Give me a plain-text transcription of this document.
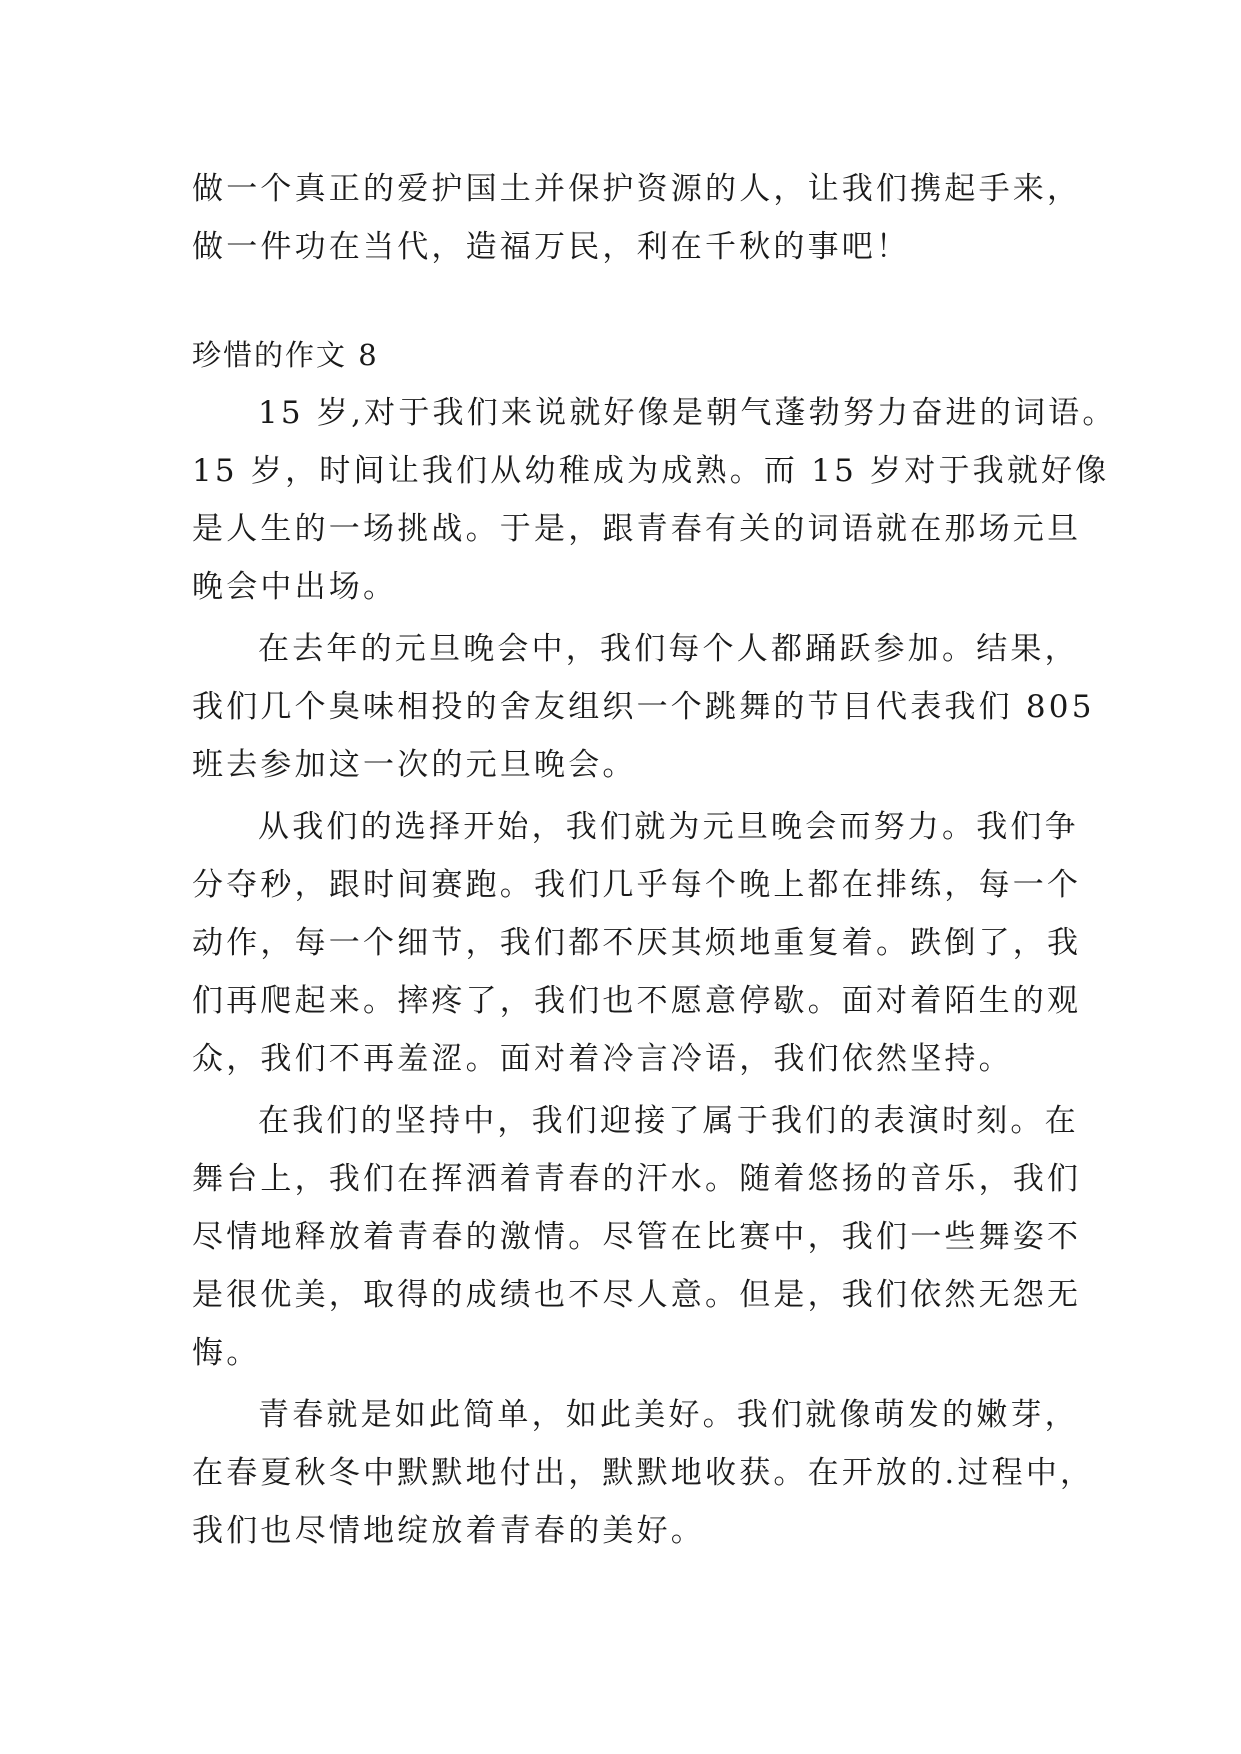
做一个真正的爱护国土并保护资源的人，让我们携起手来，
做一件功在当代，造福万民，利在千秋的事吧！
珍惜的作文 8
15 岁,对于我们来说就好像是朝气蓬勃努力奋进的词语。
15 岁，时间让我们从幼稚成为成熟。而 15 岁对于我就好像
是人生的一场挑战。于是，跟青春有关的词语就在那场元旦
晚会中出场。
在去年的元旦晚会中，我们每个人都踊跃参加。结果，
我们几个臭味相投的舍友组织一个跳舞的节目代表我们 805
班去参加这一次的元旦晚会。
从我们的选择开始，我们就为元旦晚会而努力。我们争
分夺秒，跟时间赛跑。我们几乎每个晚上都在排练，每一个
动作，每一个细节，我们都不厌其烦地重复着。跌倒了，我
们再爬起来。摔疼了，我们也不愿意停歇。面对着陌生的观
众，我们不再羞涩。面对着冷言冷语，我们依然坚持。
在我们的坚持中，我们迎接了属于我们的表演时刻。在
舞台上，我们在挥洒着青春的汗水。随着悠扬的音乐，我们
尽情地释放着青春的激情。尽管在比赛中，我们一些舞姿不
是很优美，取得的成绩也不尽人意。但是，我们依然无怨无
悔。
青春就是如此简单，如此美好。我们就像萌发的嫩芽，
在春夏秋冬中默默地付出，默默地收获。在开放的.过程中，
我们也尽情地绽放着青春的美好。
